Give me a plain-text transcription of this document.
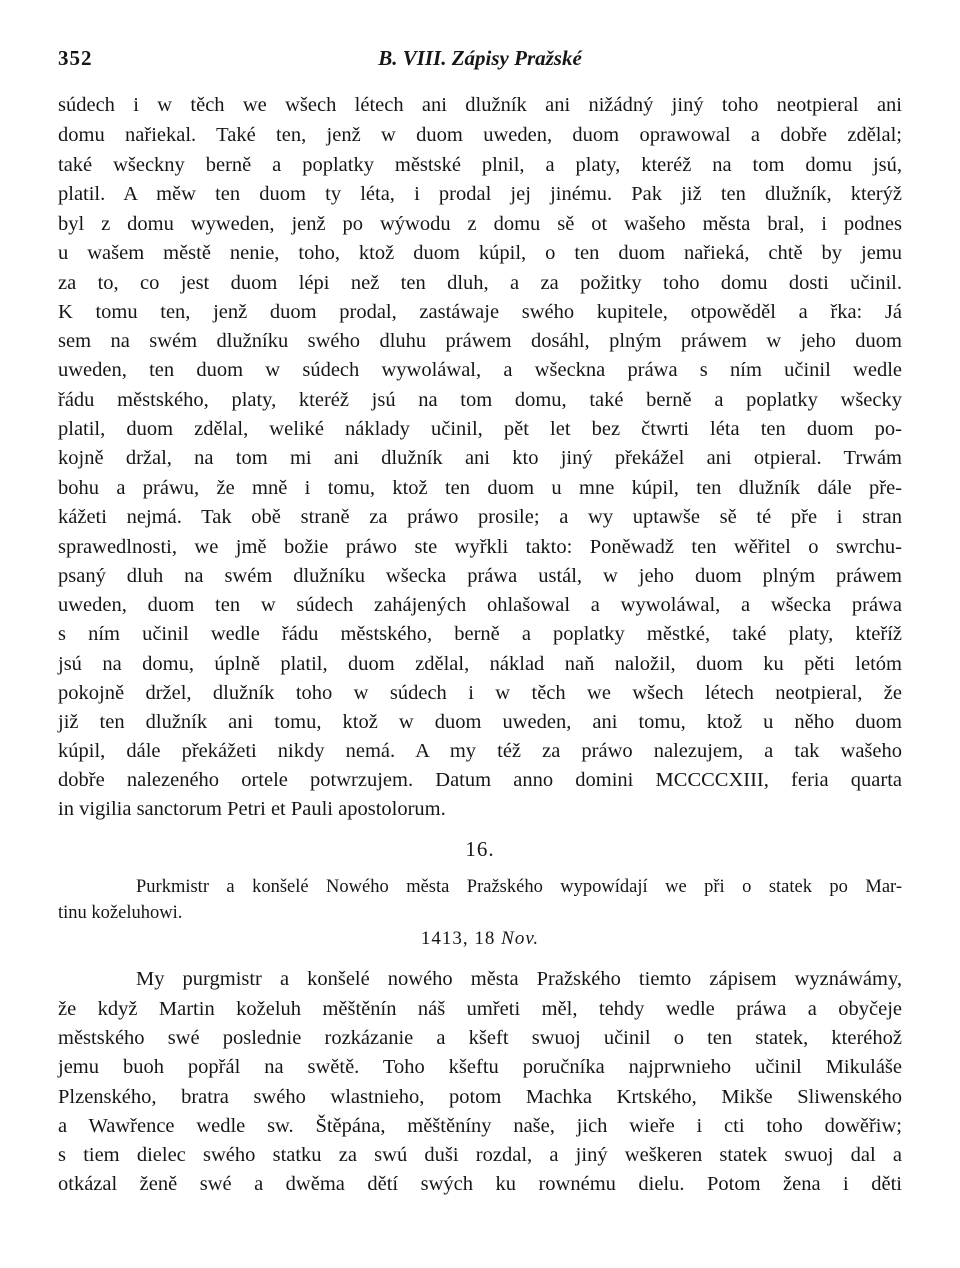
352	B. VIII. Zápisy Pražské
súdech i w těch we wšech létech ani dlužník ani nižádný jiný toho neotpieral ani
domu nařiekal. Také ten, jenž w duom uweden, duom oprawowal a dobře zdělal;
také wšeckny berně a poplatky městské plnil, a platy, kteréž na tom domu jsú,
platil. A měw ten duom ty léta, i prodal jej jinému. Pak již ten dlužník, kterýž
byl z domu wyweden, jenž po wýwodu z domu sě ot wašeho města bral, i podnes
u wašem městě nenie, toho, ktož duom kúpil, o ten duom nařieká, chtě by jemu
za to, co jest duom lépi než ten dluh, a za požitky toho domu dosti učinil.
K tomu ten, jenž duom prodal, zastáwaje swého kupitele, otpowěděl a řka: Já
sem na swém dlužníku swého dluhu práwem dosáhl, plným práwem w jeho duom
uweden, ten duom w súdech wywoláwal, a wšeckna práwa s ním učinil wedle
řádu městského, platy, kteréž jsú na tom domu, také berně a poplatky wšecky
platil, duom zdělal, weliké náklady učinil, pět let bez čtwrti léta ten duom po-
kojně držal, na tom mi ani dlužník ani kto jiný překážel ani otpieral. Trwám
bohu a práwu, že mně i tomu, ktož ten duom u mne kúpil, ten dlužník dále pře-
kážeti nejmá. Tak obě straně za práwo prosile; a wy uptawše sě té pře i stran
sprawedlnosti, we jmě božie práwo ste wyřkli takto: Poněwadž ten wěřitel o swrchu-
psaný dluh na swém dlužníku wšecka práwa ustál, w jeho duom plným práwem
uweden, duom ten w súdech zahájených ohlašowal a wywoláwal, a wšecka práwa
s ním učinil wedle řádu městského, berně a poplatky městké, také platy, kteříž
jsú na domu, úplně platil, duom zdělal, náklad naň naložil, duom ku pěti letóm
pokojně držel, dlužník toho w súdech i w těch we wšech létech neotpieral, že
již ten dlužník ani tomu, ktož w duom uweden, ani tomu, ktož u něho duom
kúpil, dále překážeti nikdy nemá. A my též za práwo nalezujem, a tak wašeho
dobře nalezeného ortele potwrzujem. Datum anno domini MCCCCXIII, feria quarta
in vigilia sanctorum Petri et Pauli apostolorum.
16.
Purkmistr a konšelé Nowého města Pražského wypowídají we při o statek po Mar-
tinu koželuhowi.
1413, 18 Nov.
My purgmistr a konšelé nowého města Pražského tiemto zápisem wyznáwámy,
že když Martin koželuh měštěnín náš umřeti měl, tehdy wedle práwa a obyčeje
městského swé poslednie rozkázanie a kšeft swuoj učinil o ten statek, kteréhož
jemu buoh popřál na swětě. Toho kšeftu poručníka najprwnieho učinil Mikuláše
Plzenského, bratra swého wlastnieho, potom Machka Krtského, Mikše Sliwenského
a Wawřence wedle sw. Štěpána, měštěníny naše, jich wieře i cti toho dowěřiw;
s tiem dielec swého statku za swú duši rozdal, a jiný weškeren statek swuoj dal a
otkázal ženě swé a dwěma dětí swých ku rownému dielu. Potom žena i děti
